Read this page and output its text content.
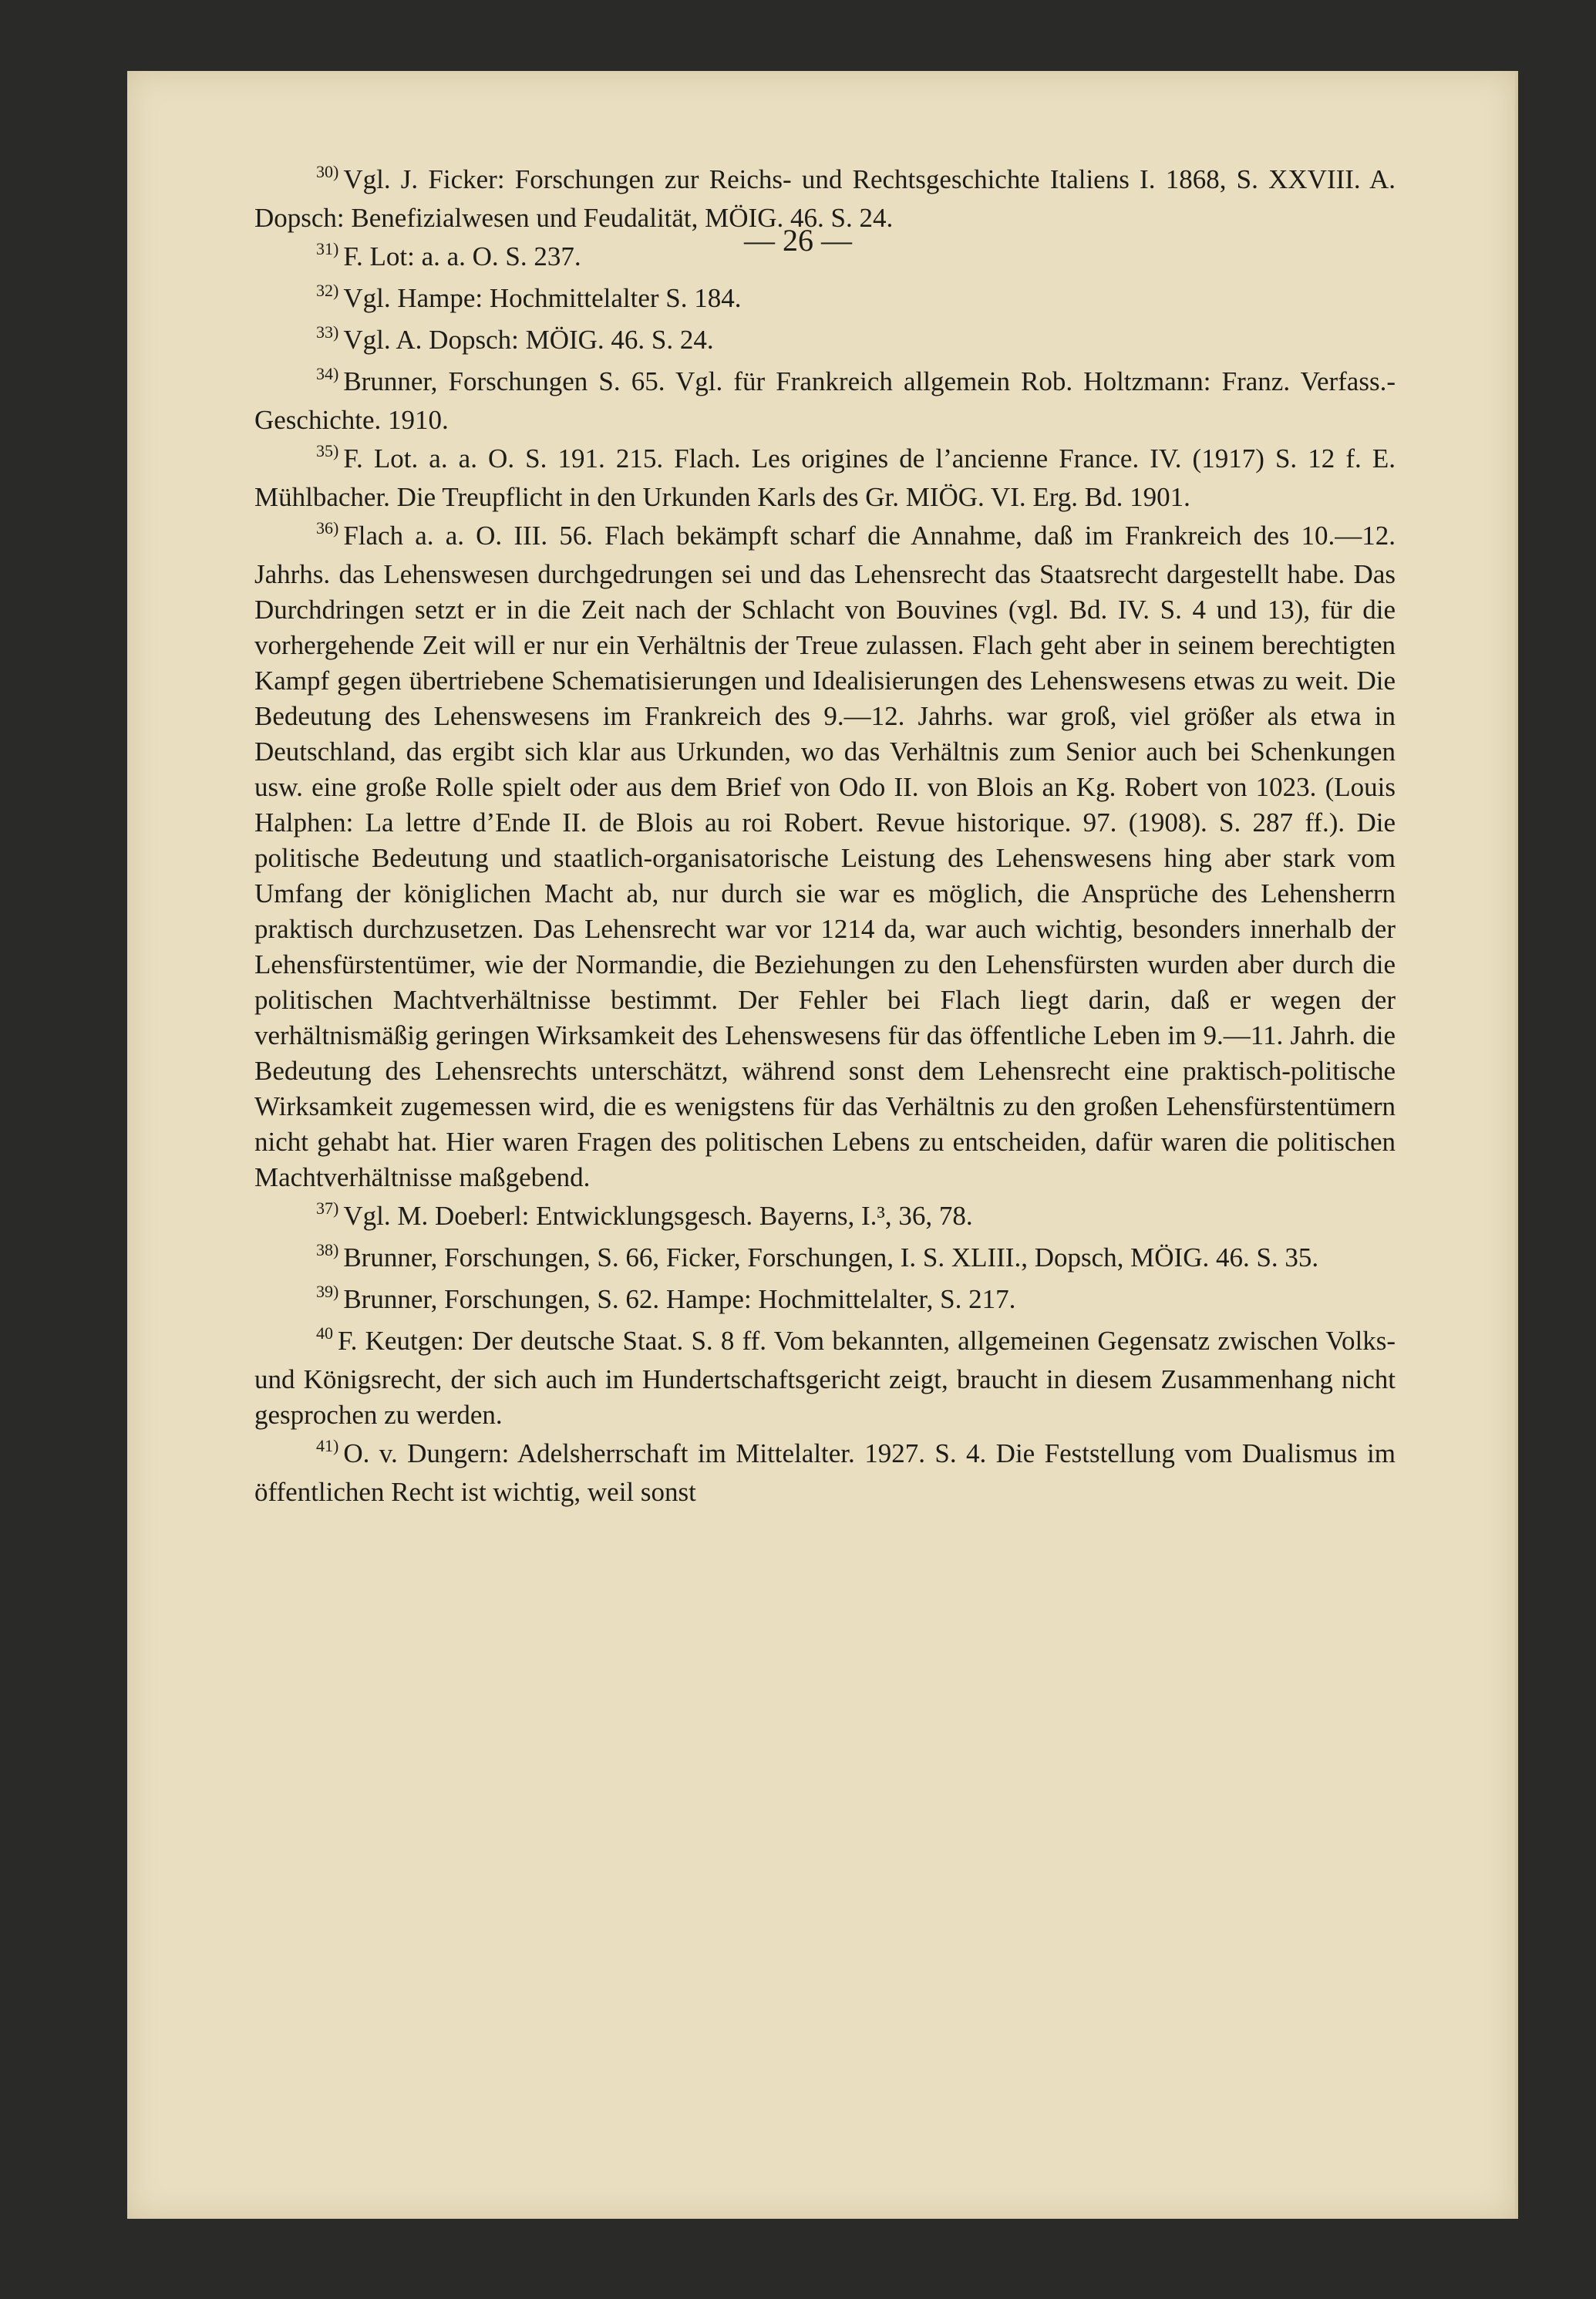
— 26 —

$^{30)}$ Vgl. J. Ficker: Forschungen zur Reichs- und Rechtsgeschichte Italiens I. 1868, S. XXVIII. A. Dopsch: Benefizialwesen und Feudalität, MÖIG. 46. S. 24.

$^{31)}$ F. Lot: a. a. O. S. 237.

$^{32)}$ Vgl. Hampe: Hochmittelalter S. 184.

$^{33)}$ Vgl. A. Dopsch: MÖIG. 46. S. 24.

$^{34)}$ Brunner, Forschungen S. 65. Vgl. für Frankreich allgemein Rob. Holtzmann: Franz. Verfass.-Geschichte. 1910.

$^{35)}$ F. Lot. a. a. O. S. 191. 215. Flach. Les origines de l’ancienne France. IV. (1917) S. 12 f. E. Mühlbacher. Die Treupflicht in den Urkunden Karls des Gr. MIÖG. VI. Erg. Bd. 1901.

$^{36)}$ Flach a. a. O. III. 56. Flach bekämpft scharf die Annahme, daß im Frankreich des 10.—12. Jahrhs. das Lehenswesen durchgedrungen sei und das Lehensrecht das Staatsrecht dargestellt habe. Das Durchdringen setzt er in die Zeit nach der Schlacht von Bouvines (vgl. Bd. IV. S. 4 und 13), für die vorhergehende Zeit will er nur ein Verhältnis der Treue zulassen. Flach geht aber in seinem berechtigten Kampf gegen übertriebene Schematisierungen und Idealisierungen des Lehenswesens etwas zu weit. Die Bedeutung des Lehenswesens im Frankreich des 9.—12. Jahrhs. war groß, viel größer als etwa in Deutschland, das ergibt sich klar aus Urkunden, wo das Verhältnis zum Senior auch bei Schenkungen usw. eine große Rolle spielt oder aus dem Brief von Odo II. von Blois an Kg. Robert von 1023. (Louis Halphen: La lettre d’Ende II. de Blois au roi Robert. Revue historique. 97. (1908). S. 287 ff.). Die politische Bedeutung und staatlich-organisatorische Leistung des Lehenswesens hing aber stark vom Umfang der königlichen Macht ab, nur durch sie war es möglich, die Ansprüche des Lehensherrn praktisch durchzusetzen. Das Lehensrecht war vor 1214 da, war auch wichtig, besonders innerhalb der Lehensfürstentümer, wie der Normandie, die Beziehungen zu den Lehensfürsten wurden aber durch die politischen Machtverhältnisse bestimmt. Der Fehler bei Flach liegt darin, daß er wegen der verhältnismäßig geringen Wirksamkeit des Lehenswesens für das öffentliche Leben im 9.—11. Jahrh. die Bedeutung des Lehensrechts unterschätzt, während sonst dem Lehensrecht eine praktisch-politische Wirksamkeit zugemessen wird, die es wenigstens für das Verhältnis zu den großen Lehensfürstentümern nicht gehabt hat. Hier waren Fragen des politischen Lebens zu entscheiden, dafür waren die politischen Machtverhältnisse maßgebend.

$^{37)}$ Vgl. M. Doeberl: Entwicklungsgesch. Bayerns, I.³, 36, 78.

$^{38)}$ Brunner, Forschungen, S. 66, Ficker, Forschungen, I. S. XLIII., Dopsch, MÖIG. 46. S. 35.

$^{39)}$ Brunner, Forschungen, S. 62. Hampe: Hochmittelalter, S. 217.

$^{40}$ F. Keutgen: Der deutsche Staat. S. 8 ff. Vom bekannten, allgemeinen Gegensatz zwischen Volks- und Königsrecht, der sich auch im Hundertschaftsgericht zeigt, braucht in diesem Zusammenhang nicht gesprochen zu werden.

$^{41)}$ O. v. Dungern: Adelsherrschaft im Mittelalter. 1927. S. 4. Die Feststellung vom Dualismus im öffentlichen Recht ist wichtig, weil sonst
